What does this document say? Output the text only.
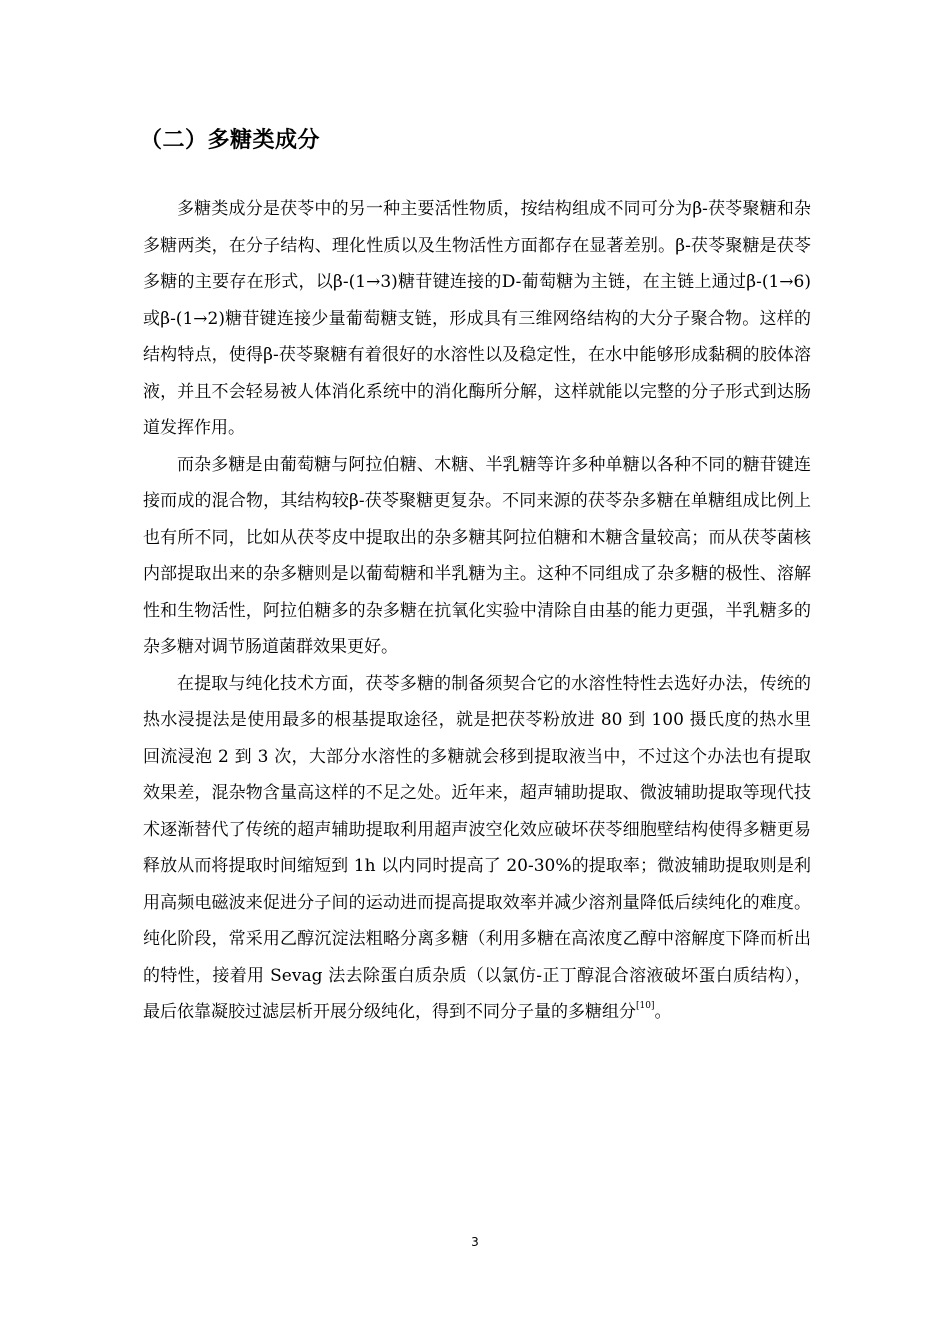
（二）多糖类成分

多糖类成分是茯苓中的另一种主要活性物质，按结构组成不同可分为β-茯苓聚糖和杂多糖两类，在分子结构、理化性质以及生物活性方面都存在显著差别。β-茯苓聚糖是茯苓多糖的主要存在形式，以β-(1→3)糖苷键连接的D-葡萄糖为主链，在主链上通过β-(1→6)或β-(1→2)糖苷键连接少量葡萄糖支链，形成具有三维网络结构的大分子聚合物。这样的结构特点，使得β-茯苓聚糖有着很好的水溶性以及稳定性，在水中能够形成黏稠的胶体溶液，并且不会轻易被人体消化系统中的消化酶所分解，这样就能以完整的分子形式到达肠道发挥作用。

而杂多糖是由葡萄糖与阿拉伯糖、木糖、半乳糖等许多种单糖以各种不同的糖苷键连接而成的混合物，其结构较β-茯苓聚糖更复杂。不同来源的茯苓杂多糖在单糖组成比例上也有所不同，比如从茯苓皮中提取出的杂多糖其阿拉伯糖和木糖含量较高；而从茯苓菌核内部提取出来的杂多糖则是以葡萄糖和半乳糖为主。这种不同组成了杂多糖的极性、溶解性和生物活性，阿拉伯糖多的杂多糖在抗氧化实验中清除自由基的能力更强，半乳糖多的杂多糖对调节肠道菌群效果更好。

在提取与纯化技术方面，茯苓多糖的制备须契合它的水溶性特性去选好办法，传统的热水浸提法是使用最多的根基提取途径，就是把茯苓粉放进 80 到 100 摄氏度的热水里回流浸泡 2 到 3 次，大部分水溶性的多糖就会移到提取液当中，不过这个办法也有提取效果差，混杂物含量高这样的不足之处。近年来，超声辅助提取、微波辅助提取等现代技术逐渐替代了传统的超声辅助提取利用超声波空化效应破坏茯苓细胞壁结构使得多糖更易释放从而将提取时间缩短到 1h 以内同时提高了 20-30%的提取率；微波辅助提取则是利用高频电磁波来促进分子间的运动进而提高提取效率并减少溶剂量降低后续纯化的难度。纯化阶段，常采用乙醇沉淀法粗略分离多糖（利用多糖在高浓度乙醇中溶解度下降而析出的特性，接着用 Sevag 法去除蛋白质杂质（以氯仿-正丁醇混合溶液破坏蛋白质结构），最后依靠凝胶过滤层析开展分级纯化，得到不同分子量的多糖组分[10]。

3
